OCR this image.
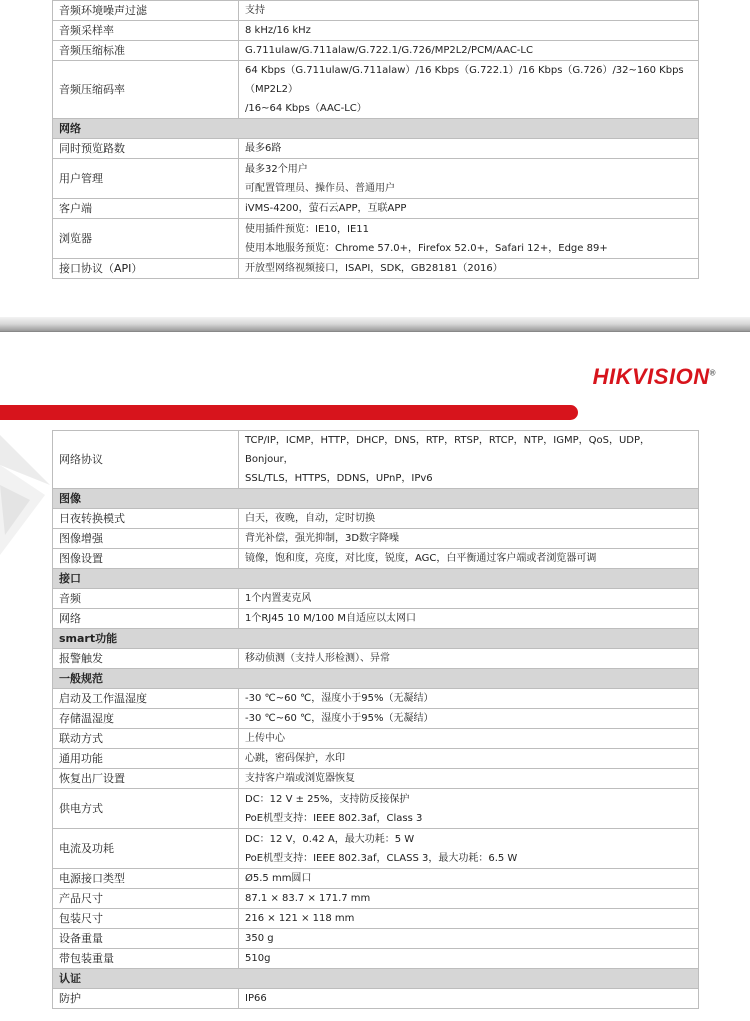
音频环境噪声过滤	支持

音频采样率	8 kHz/16 kHz

音频压缩标准	G.711ulaw/G.711alaw/G.722.1/G.726/MP2L2/PCM/AAC-LC

音频压缩码率	64 Kbps（G.711ulaw/G.711alaw）/16 Kbps（G.722.1）/16 Kbps（G.726）/32~160 Kbps（MP2L2）
/16~64 Kbps（AAC-LC）

网络	
同时预览路数	最多6路

用户管理	最多32个用户
可配置管理员、操作员、普通用户

客户端	iVMS-4200，萤石云APP，互联APP

浏览器	使用插件预览：IE10，IE11
使用本地服务预览：Chrome 57.0+，Firefox 52.0+，Safari 12+，Edge 89+

接口协议（API）	开放型网络视频接口，ISAPI，SDK，GB28181（2016）
HIKVISION®
网络协议	TCP/IP，ICMP，HTTP，DHCP，DNS，RTP，RTSP，RTCP，NTP，IGMP，QoS，UDP，Bonjour，
SSL/TLS，HTTPS，DDNS，UPnP，IPv6

图像	
日夜转换模式	白天，夜晚，自动，定时切换

图像增强	背光补偿，强光抑制，3D数字降噪

图像设置	镜像，饱和度，亮度，对比度，锐度，AGC，白平衡通过客户端或者浏览器可调

接口	
音频	1个内置麦克风

网络	1个RJ45 10 M/100 M自适应以太网口

smart功能	
报警触发	移动侦测（支持人形检测）、异常

一般规范	
启动及工作温湿度	-30 ℃~60 ℃，湿度小于95%（无凝结）

存储温湿度	-30 ℃~60 ℃，湿度小于95%（无凝结）

联动方式	上传中心

通用功能	心跳，密码保护，水印

恢复出厂设置	支持客户端或浏览器恢复

供电方式	DC：12 V ± 25%，支持防反接保护
PoE机型支持：IEEE 802.3af，Class 3

电流及功耗	DC：12 V，0.42 A，最大功耗：5 W
PoE机型支持：IEEE 802.3af，CLASS 3，最大功耗：6.5 W

电源接口类型	Ø5.5 mm圆口

产品尺寸	87.1 × 83.7 × 171.7 mm

包装尺寸	216 × 121 × 118 mm

设备重量	350 g

带包装重量	510g

认证	
防护	IP66
